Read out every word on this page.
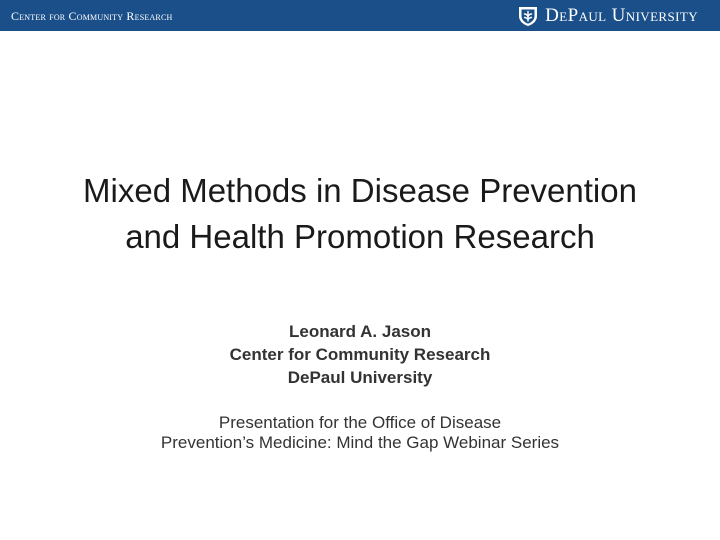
Center for Community Research	DePaul University
Mixed Methods in Disease Prevention
and Health Promotion Research
Leonard A. Jason
Center for Community Research
DePaul University
Presentation for the Office of Disease
Prevention’s Medicine: Mind the Gap Webinar Series
